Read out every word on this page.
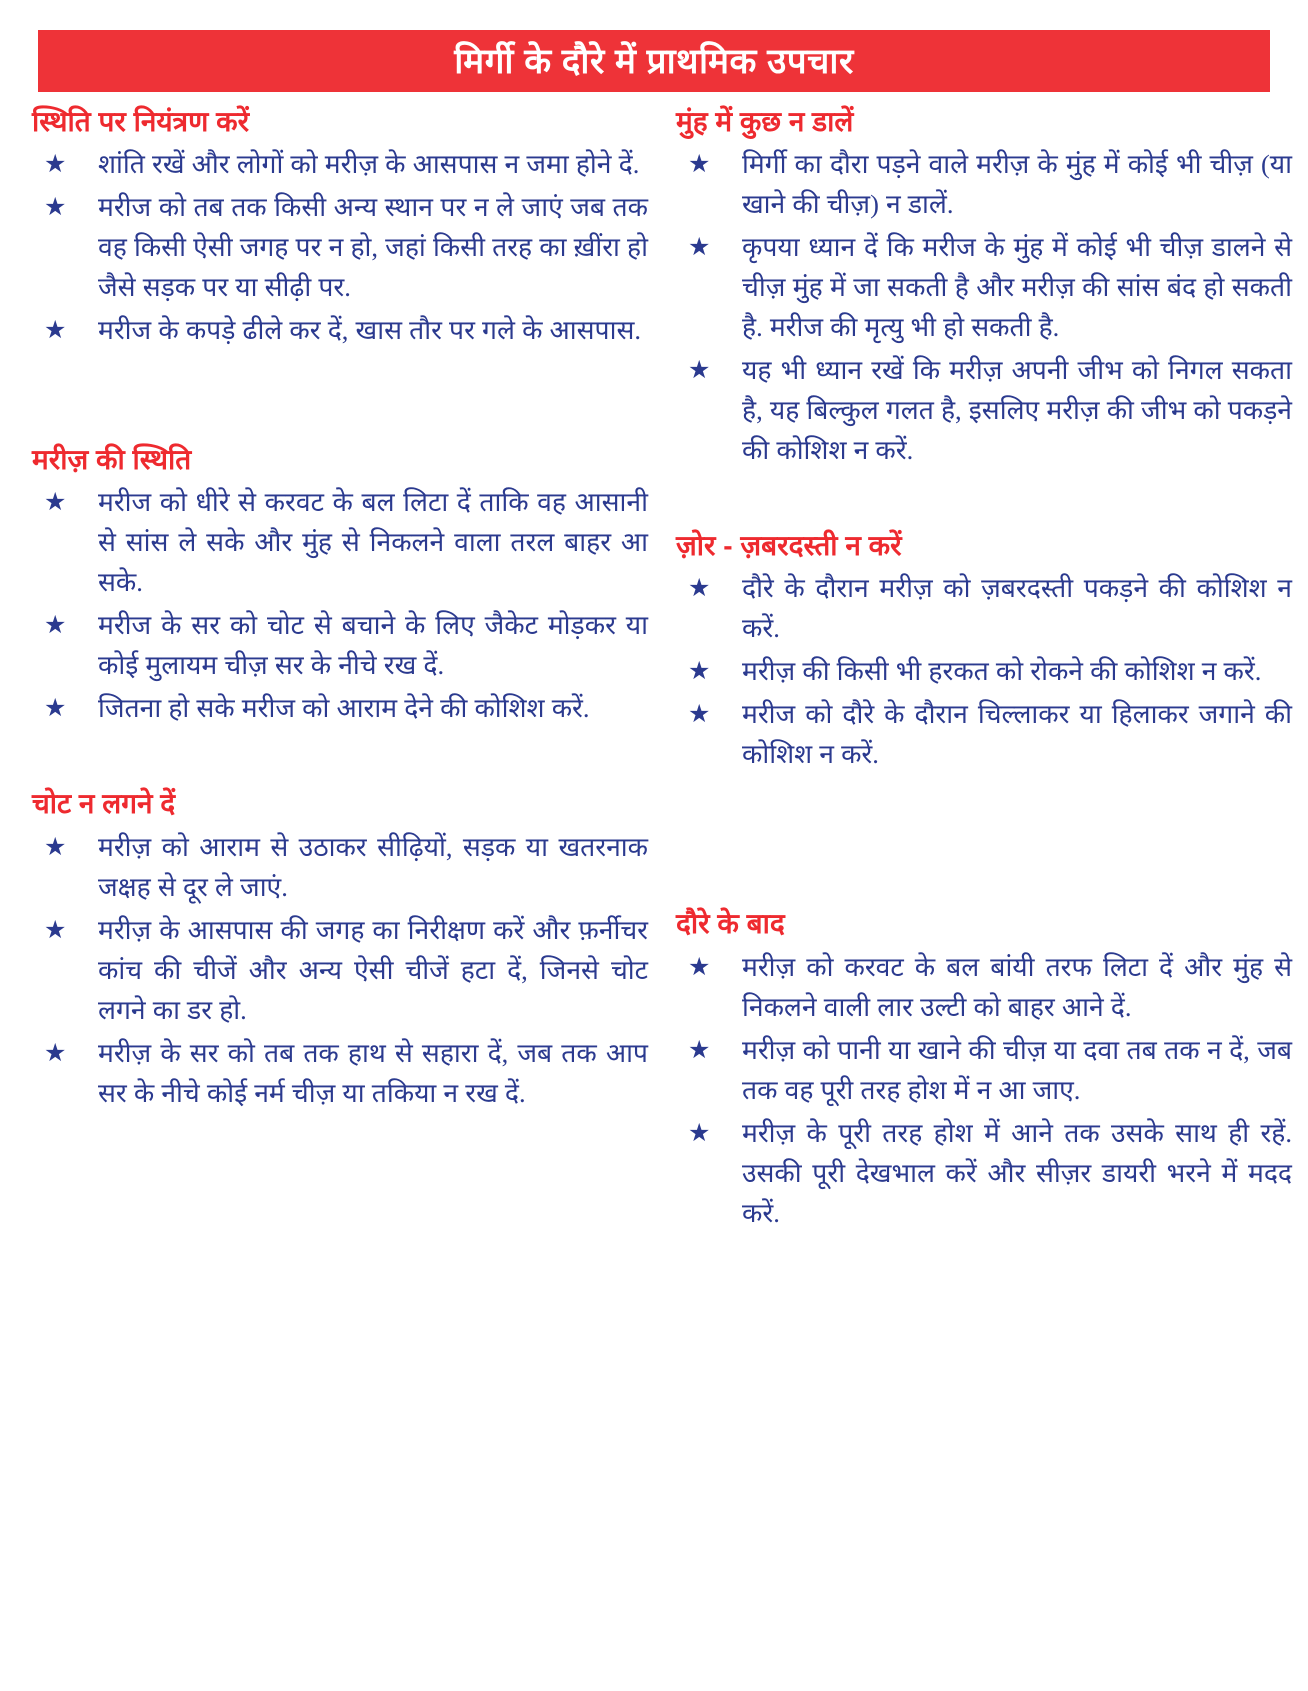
मिर्गी के दौरे में प्राथमिक उपचार
स्थिति पर नियंत्रण करें
★	शांति रखें और लोगों को मरीज़ के आसपास न जमा होने दें.
★	मरीज को तब तक किसी अन्य स्थान पर न ले जाएं जब तक वह किसी ऐसी जगह पर न हो, जहां किसी तरह का ख़ींरा हो जैसे सड़क पर या सीढ़ी पर.
★	मरीज के कपड़े ढीले कर दें, खास तौर पर गले के आसपास.
मरीज़ की स्थिति
★	मरीज को धीरे से करवट के बल लिटा दें ताकि वह आसानी से सांस ले सके और मुंह से निकलने वाला तरल बाहर आ सके.
★	मरीज के सर को चोट से बचाने के लिए जैकेट मोड़कर या कोई मुलायम चीज़ सर के नीचे रख दें.
★	जितना हो सके मरीज को आराम देने की कोशिश करें.
चोट न लगने दें
★	मरीज़ को आराम से उठाकर सीढ़ियों, सड़क या खतरनाक जक्षह से दूर ले जाएं.
★	मरीज़ के आसपास की जगह का निरीक्षण करें और फ़र्नीचर कांच की चीजें और अन्य ऐसी चीजें हटा दें, जिनसे चोट लगने का डर हो.
★	मरीज़ के सर को तब तक हाथ से सहारा दें, जब तक आप सर के नीचे कोई नर्म चीज़ या तकिया न रख दें.
मुंह में कुछ न डालें
★	मिर्गी का दौरा पड़ने वाले मरीज़ के मुंह में कोई भी चीज़ (या खाने की चीज़) न डालें.
★	कृपया ध्यान दें कि मरीज के मुंह में कोई भी चीज़ डालने से चीज़ मुंह में जा सकती है और मरीज़ की सांस बंद हो सकती है. मरीज की मृत्यु भी हो सकती है.
★	यह भी ध्यान रखें कि मरीज़ अपनी जीभ को निगल सकता है, यह बिल्कुल गलत है, इसलिए मरीज़ की जीभ को पकड़ने की कोशिश न करें.
ज़ोर - ज़बरदस्ती न करें
★	दौरे के दौरान मरीज़ को ज़बरदस्ती पकड़ने की कोशिश न करें.
★	मरीज़ की किसी भी हरकत को रोकने की कोशिश न करें.
★	मरीज को दौरे के दौरान चिल्लाकर या हिलाकर जगाने की कोशिश न करें.
दौरे के बाद
★	मरीज़ को करवट के बल बांयी तरफ लिटा दें और मुंह से निकलने वाली लार उल्टी को बाहर आने दें.
★	मरीज़ को पानी या खाने की चीज़ या दवा तब तक न दें, जब तक वह पूरी तरह होश में न आ जाए.
★	मरीज़ के पूरी तरह होश में आने तक उसके साथ ही रहें. उसकी पूरी देखभाल करें और सीज़र डायरी भरने में मदद करें.
